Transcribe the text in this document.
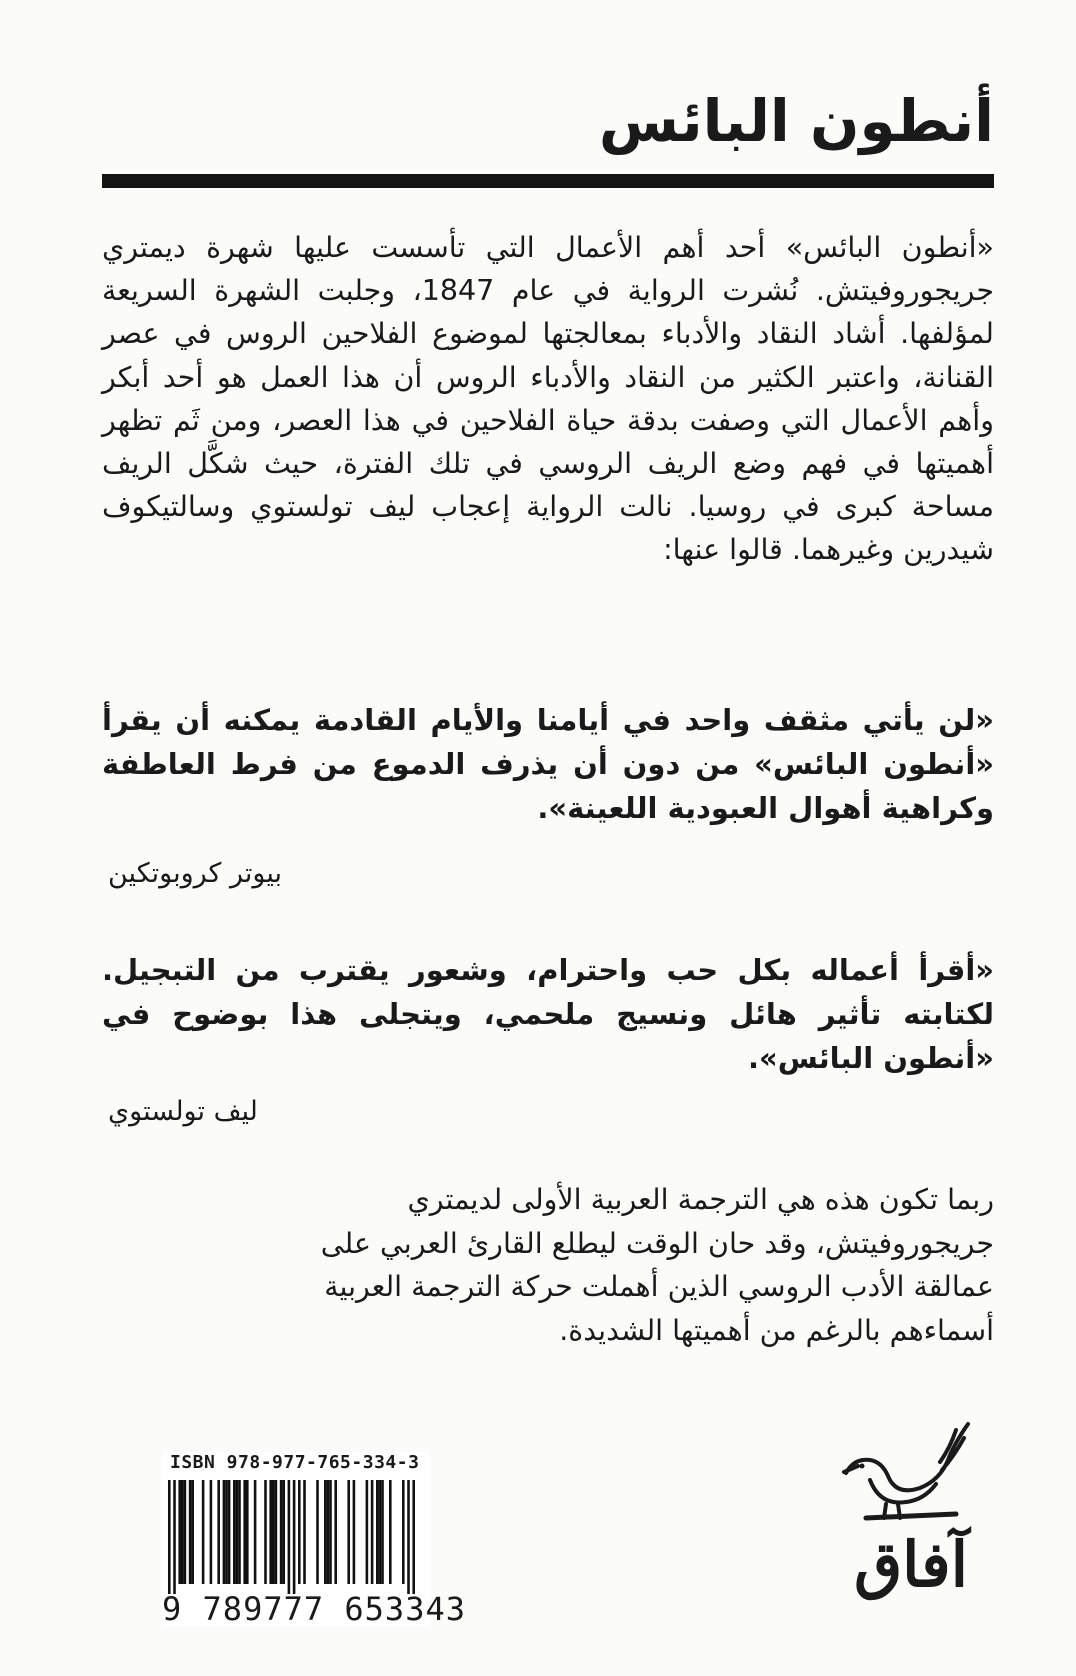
أنطون البائس

«أنطون البائس» أحد أهم الأعمال التي تأسست عليها شهرة ديمتري جريجوروفيتش. نُشرت الرواية في عام 1847، وجلبت الشهرة السريعة لمؤلفها. أشاد النقاد والأدباء بمعالجتها لموضوع الفلاحين الروس في عصر القنانة، واعتبر الكثير من النقاد والأدباء الروس أن هذا العمل هو أحد أبكر وأهم الأعمال التي وصفت بدقة حياة الفلاحين في هذا العصر، ومن ثَم تظهر أهميتها في فهم وضع الريف الروسي في تلك الفترة، حيث شكَّل الريف مساحة كبرى في روسيا. نالت الرواية إعجاب ليف تولستوي وسالتيكوف شيدرين وغيرهما. قالوا عنها:

«لن يأتي مثقف واحد في أيامنا والأيام القادمة يمكنه أن يقرأ «أنطون البائس» من دون أن يذرف الدموع من فرط العاطفة وكراهية أهوال العبودية اللعينة».

بيوتر كروبوتكين

«أقرأ أعماله بكل حب واحترام، وشعور يقترب من التبجيل. لكتابته تأثير هائل ونسيج ملحمي، ويتجلى هذا بوضوح في «أنطون البائس».

ليف تولستوي

ربما تكون هذه هي الترجمة العربية الأولى لديمتري جريجوروفيتش، وقد حان الوقت ليطلع القارئ العربي على عمالقة الأدب الروسي الذين أهملت حركة الترجمة العربية أسماءهم بالرغم من أهميتها الشديدة.

ISBN 978-977-765-334-3
9 789777 653343
آفاق
